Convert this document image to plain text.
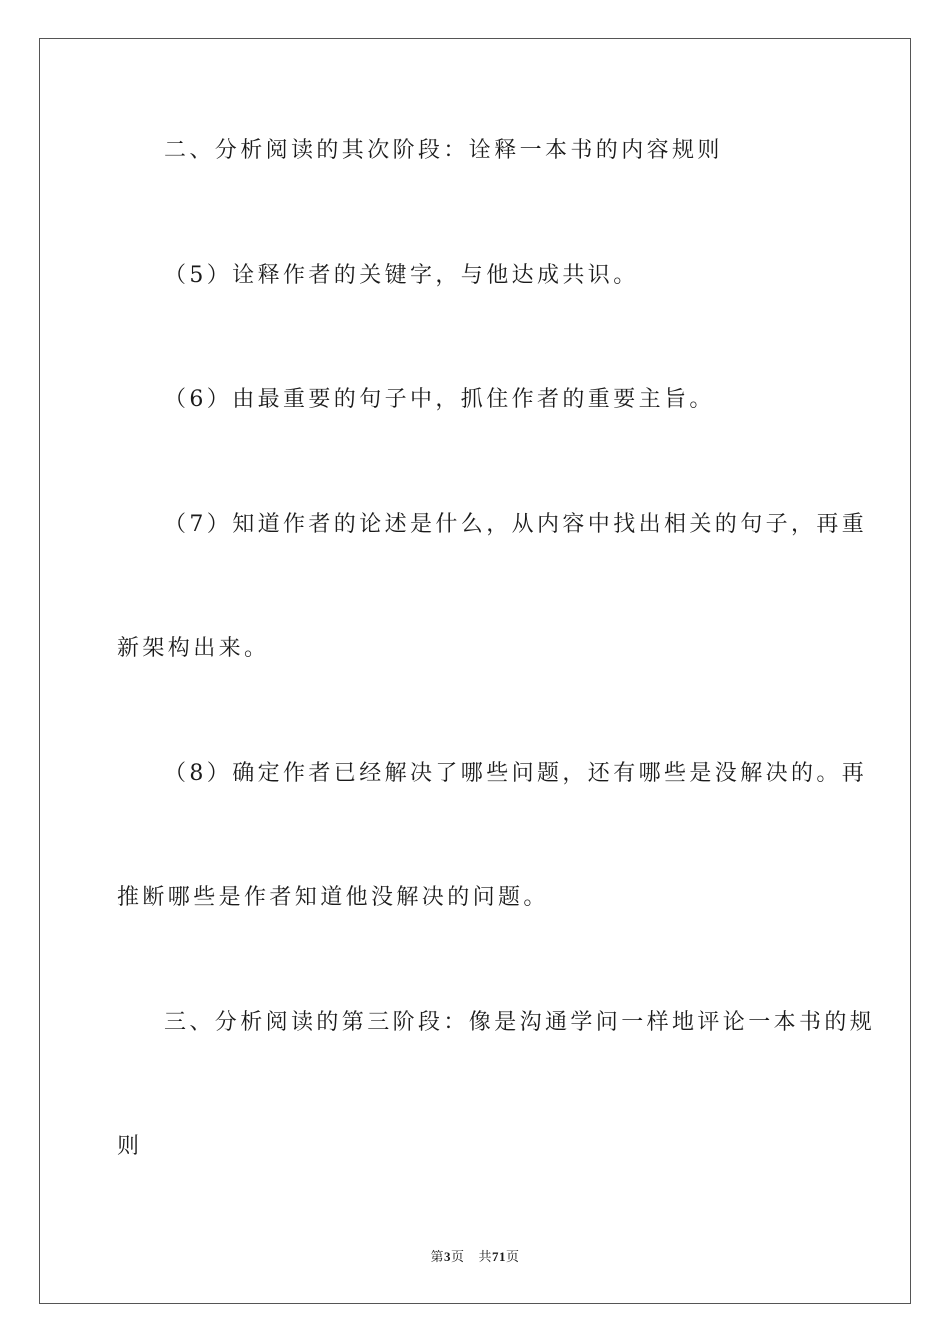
二、分析阅读的其次阶段：诠释一本书的内容规则
（5）诠释作者的关键字，与他达成共识。
（6）由最重要的句子中，抓住作者的重要主旨。
（7）知道作者的论述是什么，从内容中找出相关的句子，再重
新架构出来。
（8）确定作者已经解决了哪些问题，还有哪些是没解决的。再
推断哪些是作者知道他没解决的问题。
三、分析阅读的第三阶段：像是沟通学问一样地评论一本书的规
则
第3页 共71页
